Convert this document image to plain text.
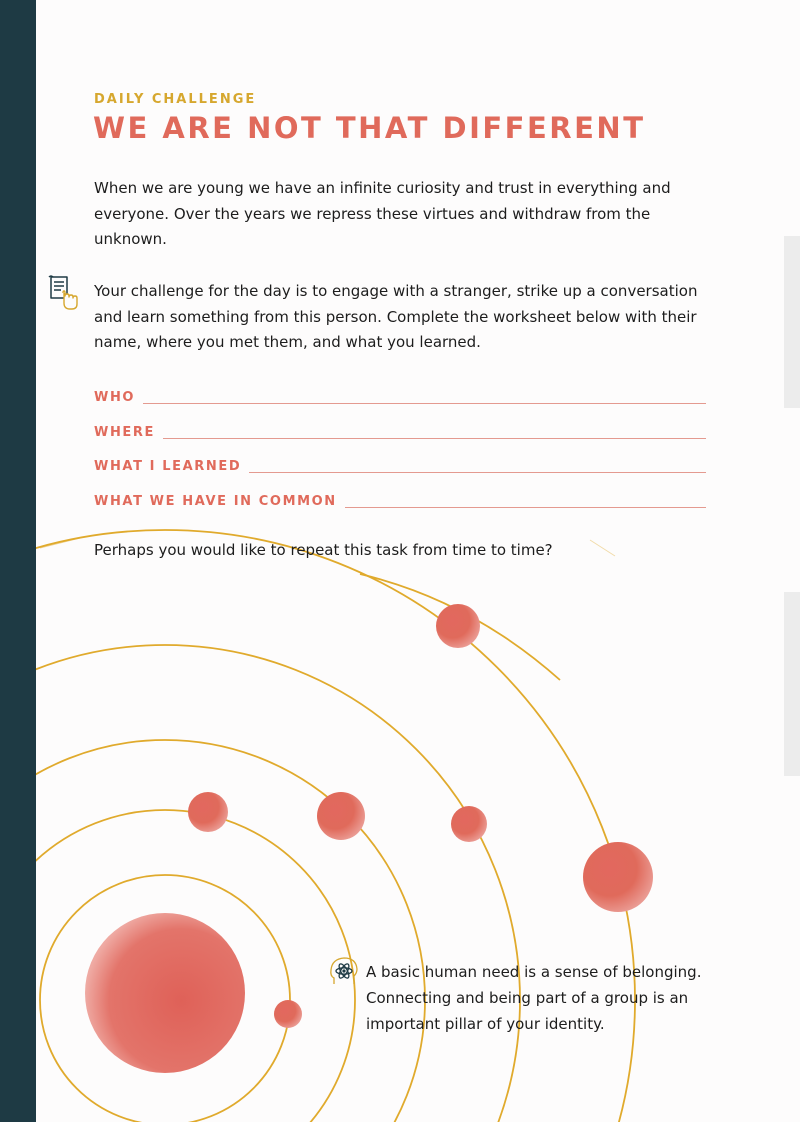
DAILY CHALLENGE

WE ARE NOT THAT DIFFERENT

When we are young we have an infinite curiosity and trust in everything and everyone. Over the years we repress these virtues and withdraw from the unknown.

Your challenge for the day is to engage with a stranger, strike up a conversation and learn something from this person. Complete the worksheet below with their name, where you met them, and what you learned.

WHO
WHERE
WHAT I LEARNED
WHAT WE HAVE IN COMMON

Perhaps you would like to repeat this task from time to time?

A basic human need is a sense of belonging. Connecting and being part of a group is an important pillar of your identity.
